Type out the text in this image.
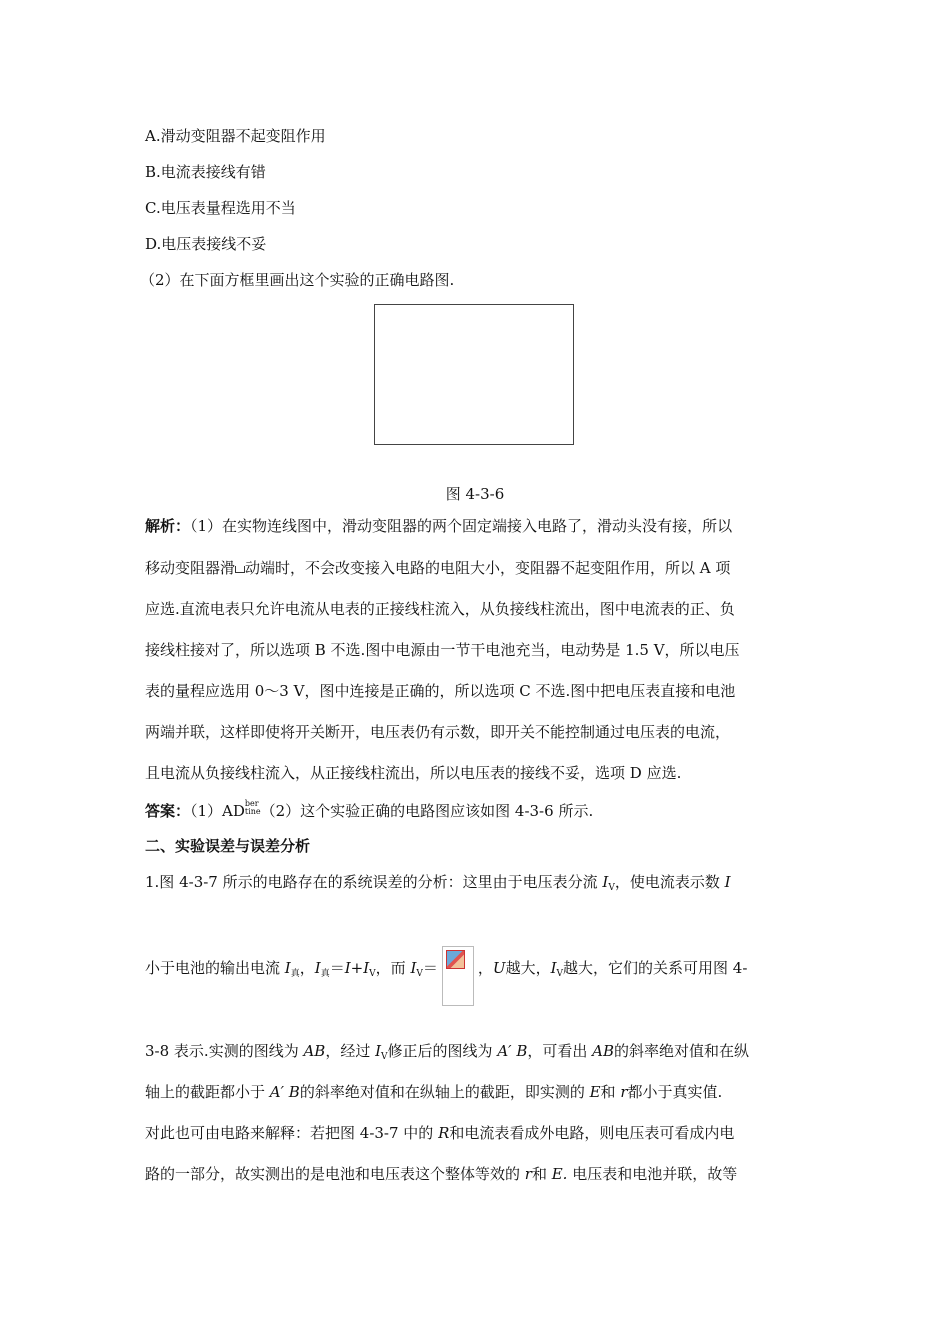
A.滑动变阻器不起变阻作用
B.电流表接线有错
C.电压表量程选用不当
D.电压表接线不妥
（2）在下面方框里画出这个实验的正确电路图.
图 4-3-6
解析：（1）在实物连线图中，滑动变阻器的两个固定端接入电路了，滑动头没有接，所以
移动变阻器滑 动端时，不会改变接入电路的电阻大小，变阻器不起变阻作用，所以 A 项
应选.直流电表只允许电流从电表的正接线柱流入，从负接线柱流出，图中电流表的正、负
接线柱接对了，所以选项 B 不选.图中电源由一节干电池充当，电动势是 1.5 V，所以电压
表的量程应选用 0～3 V，图中连接是正确的，所以选项 C 不选.图中把电压表直接和电池
两端并联，这样即使将开关断开，电压表仍有示数，即开关不能控制通过电压表的电流，
且电流从负接线柱流入，从正接线柱流出，所以电压表的接线不妥，选项 D 应选.
答案：（1）ADber
tine（2）这个实验正确的电路图应该如图 4-3-6 所示.
二、实验误差与误差分析
1.图 4-3-7 所示的电路存在的系统误差的分析：这里由于电压表分流 $I_V$，使电流表示数 I
小于电池的输出电流 $I_真$，$I_真=I+I_V$，而 $I_V=$	，U越大，$I_V$越大，它们的关系可用图 4-
3-8 表示.实测的图线为 AB，经过 $I_V$修正后的图线为 A′ B，可看出 AB的斜率绝对值和在纵
轴上的截距都小于 A′ B的斜率绝对值和在纵轴上的截距，即实测的 E和 r都小于真实值.
对此也可由电路来解释：若把图 4-3-7 中的 R和电流表看成外电路，则电压表可看成内电
路的一部分，故实测出的是电池和电压表这个整体等效的 r和 E. 电压表和电池并联，故等
